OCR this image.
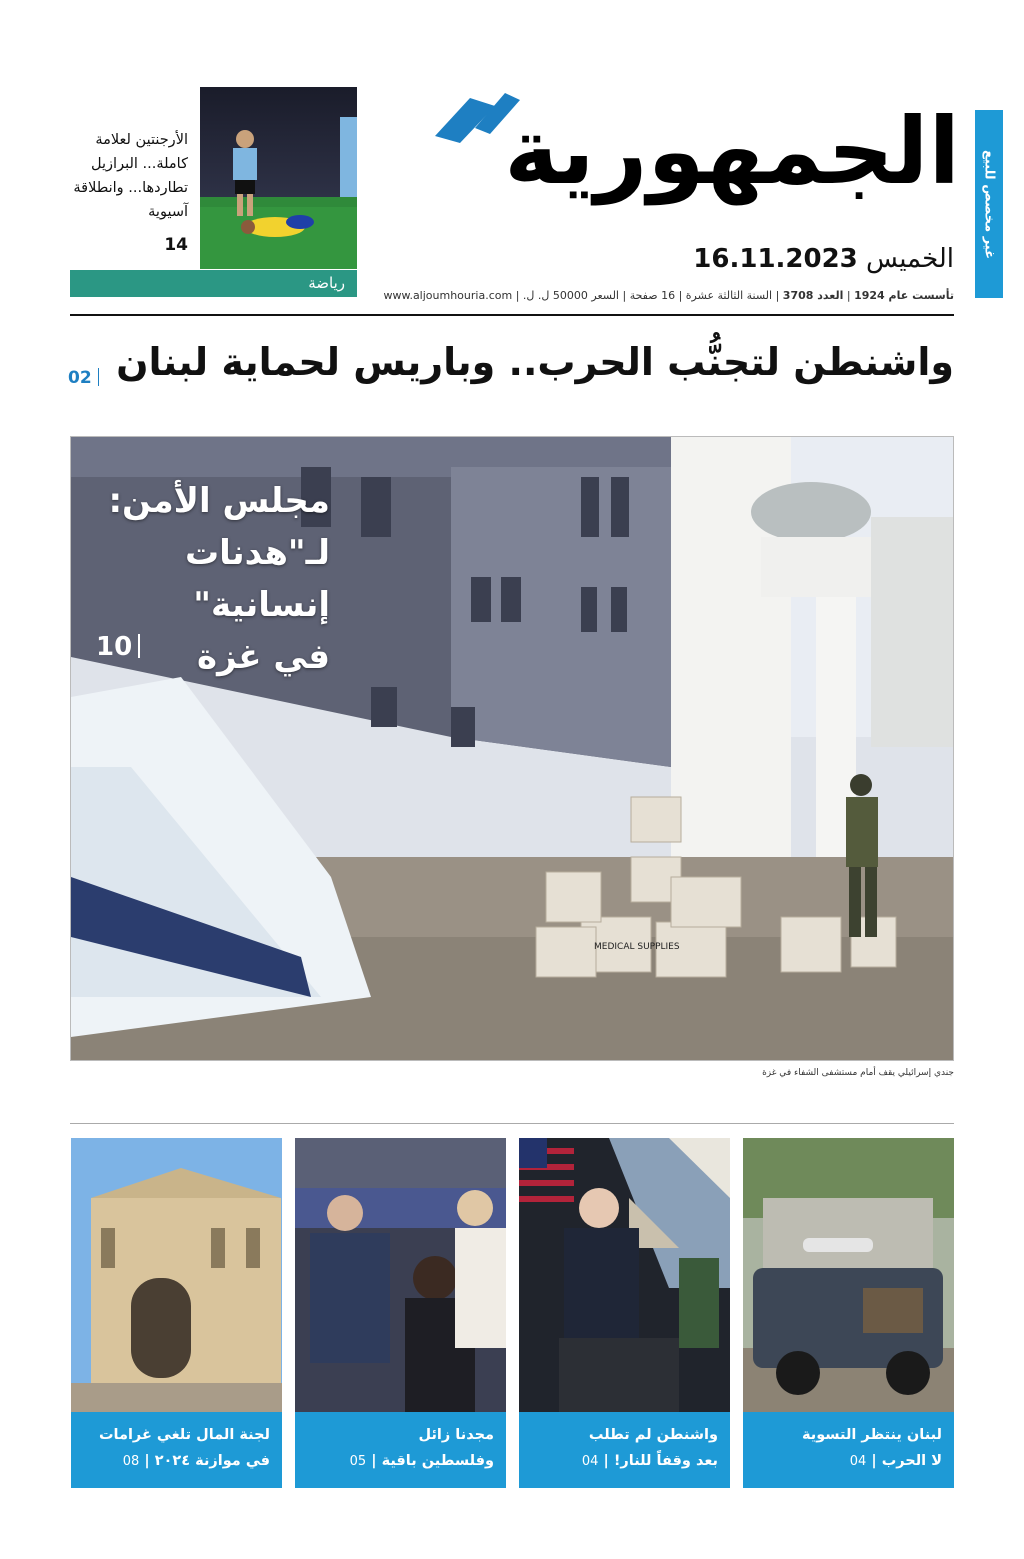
غير مخصص للبيع
الجمهورية
الخميس 16.11.2023
تأسست عام 1924 | العدد 3708 | السنة الثالثة عشرة | 16 صفحة | السعر 50000 ل. ل. | www.aljoumhouria.com
الأرجنتين لعلامة كاملة... البرازيل تطاردها... وانطلاقة آسيوية
14
رياضة
واشنطن لتجنُّب الحرب.. وباريس لحماية لبنان
02
MEDICAL SUPPLIES
مجلس الأمن:
لـ"هدنات إنسانية"
في غزة
10
جندي إسرائيلي يقف أمام مستشفى الشفاء في غزة
لبنان ينتظر التسوية
لا الحرب | 04
واشنطن لم تطلب
بعد وقفاً للنار! | 04
مجدنا زائل
وفلسطين باقية | 05
لجنة المال تلغي غرامات
في موازنة ٢٠٢٤ | 08
